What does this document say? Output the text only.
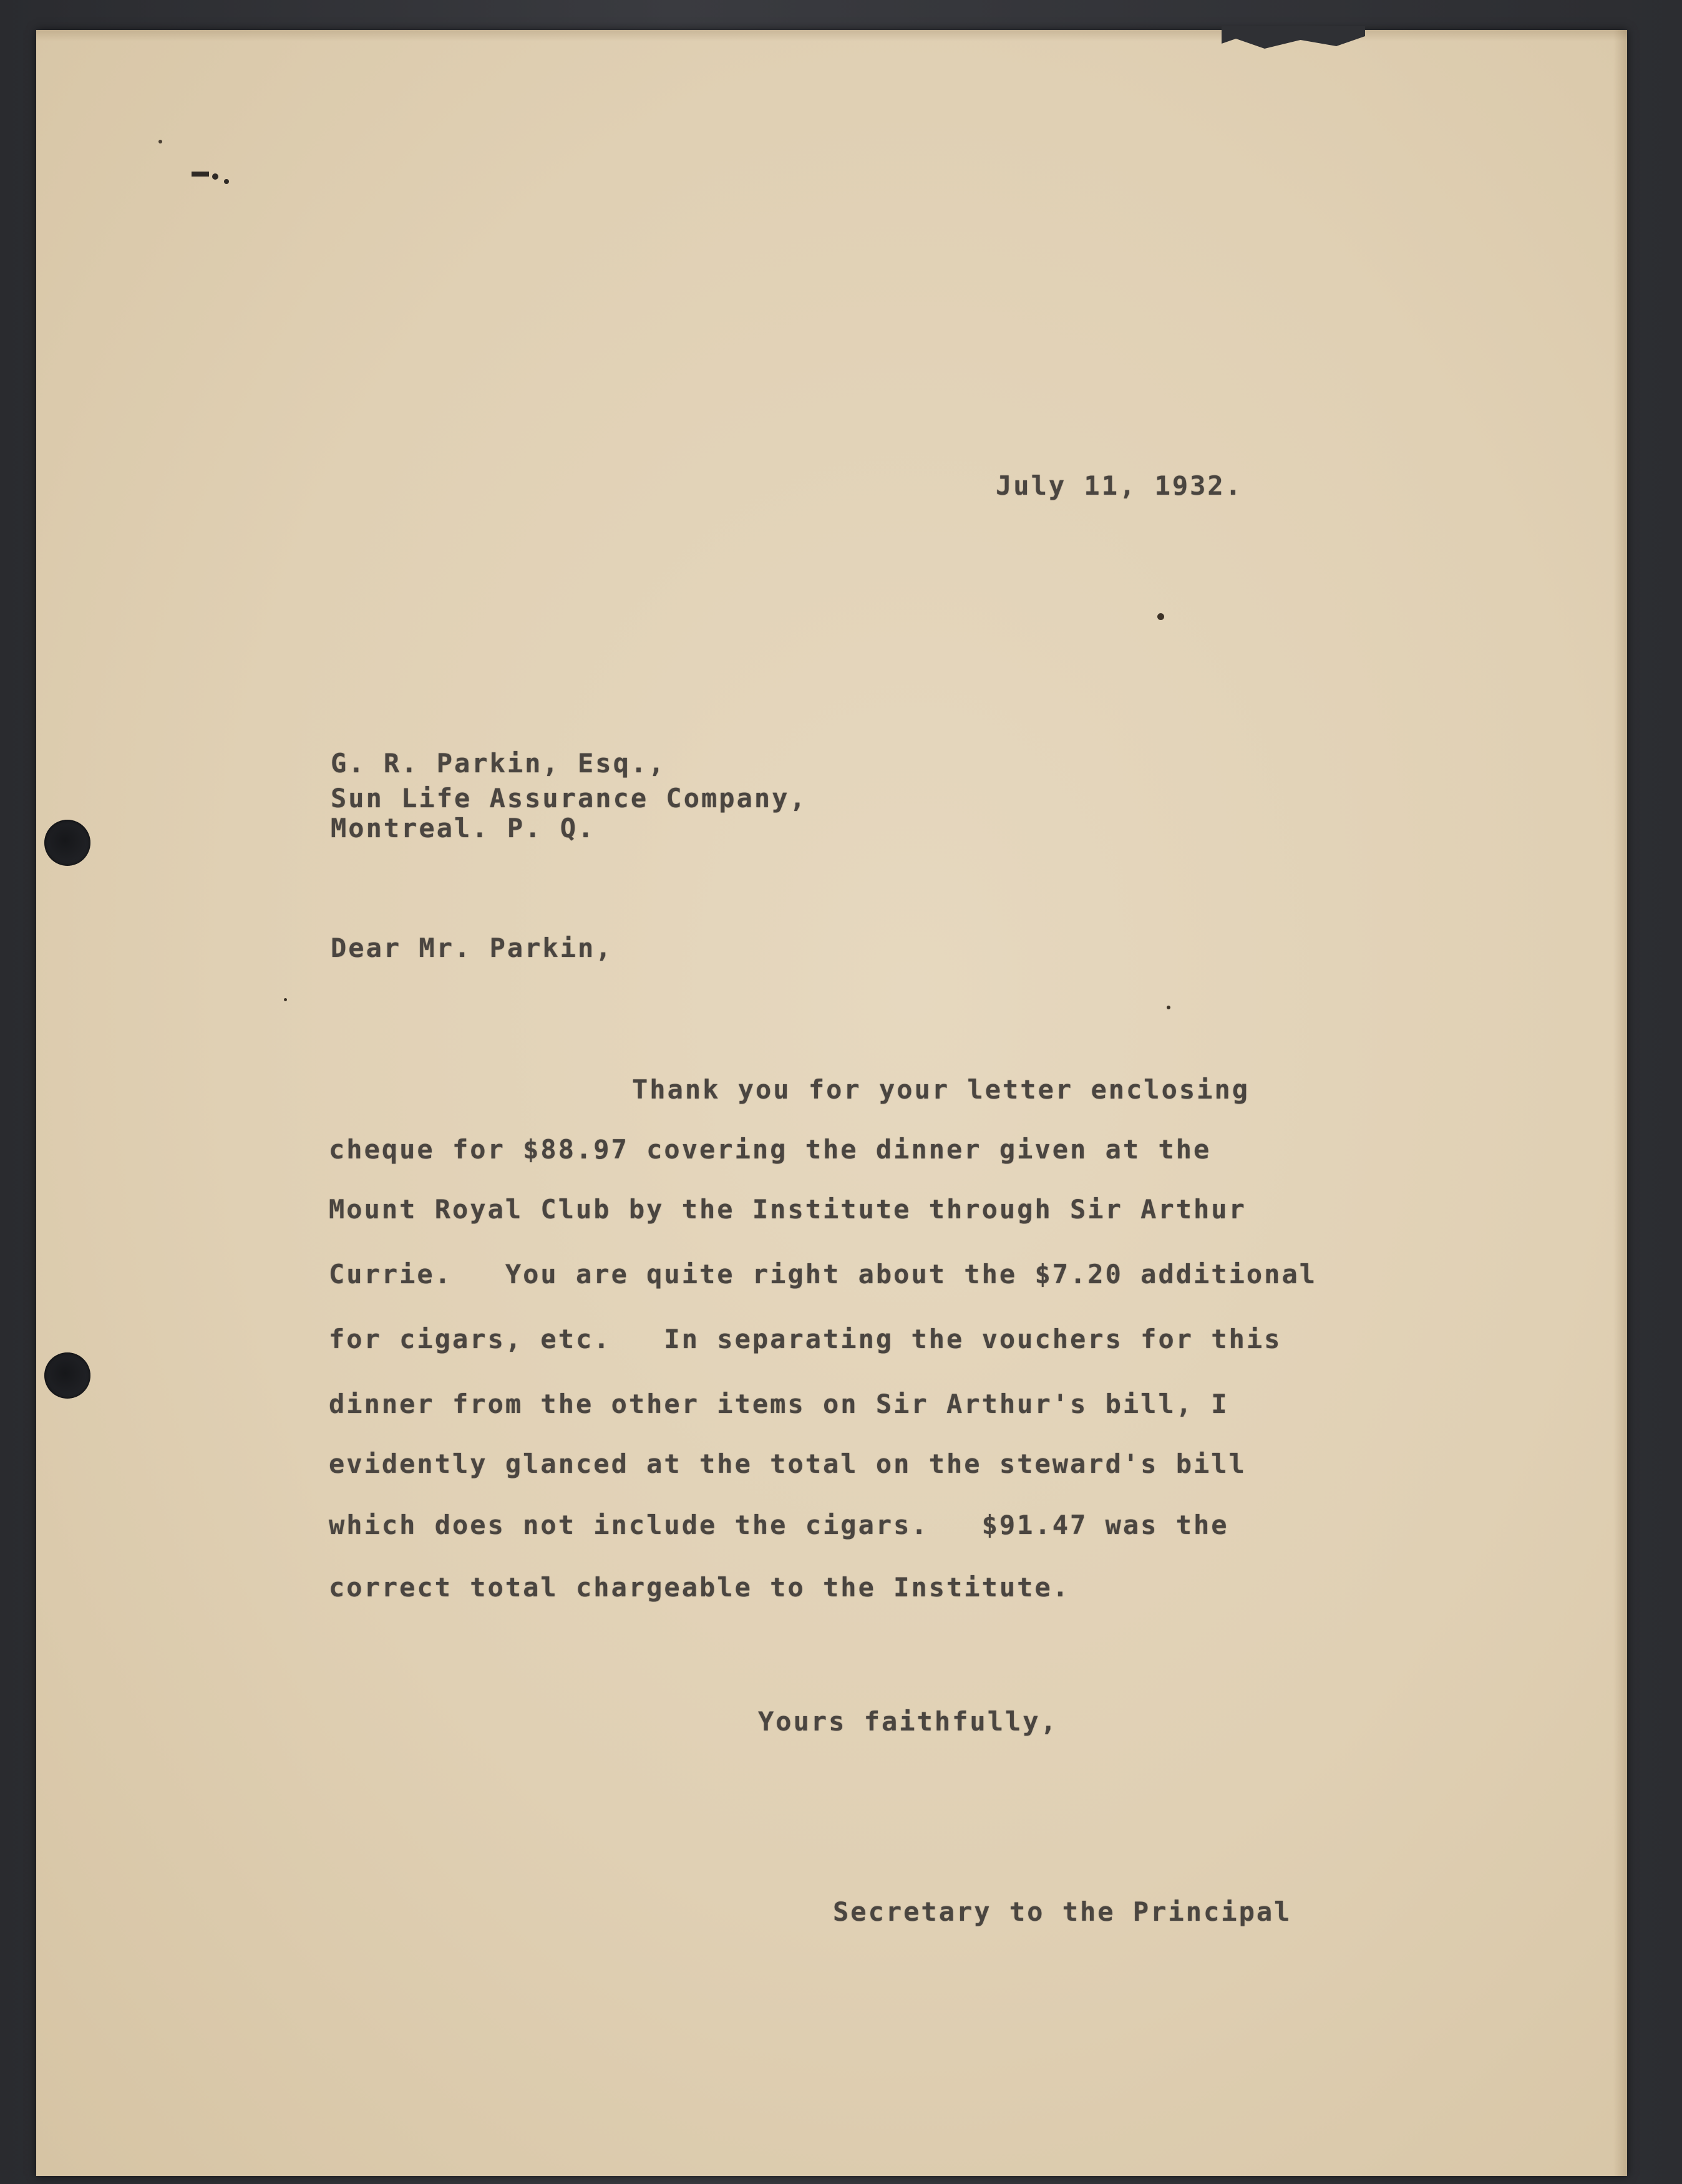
July 11, 1932.

G. R. Parkin, Esq.,

Sun Life Assurance Company,

Montreal. P. Q.

Dear Mr. Parkin,

Thank you for your letter enclosing

cheque for $88.97 covering the dinner given at the

Mount Royal Club by the Institute through Sir Arthur

Currie.   You are quite right about the $7.20 additional

for cigars, etc.   In separating the vouchers for this

dinner from the other items on Sir Arthur's bill, I

evidently glanced at the total on the steward's bill

which does not include the cigars.   $91.47 was the

correct total chargeable to the Institute.

Yours faithfully,

Secretary to the Principal
